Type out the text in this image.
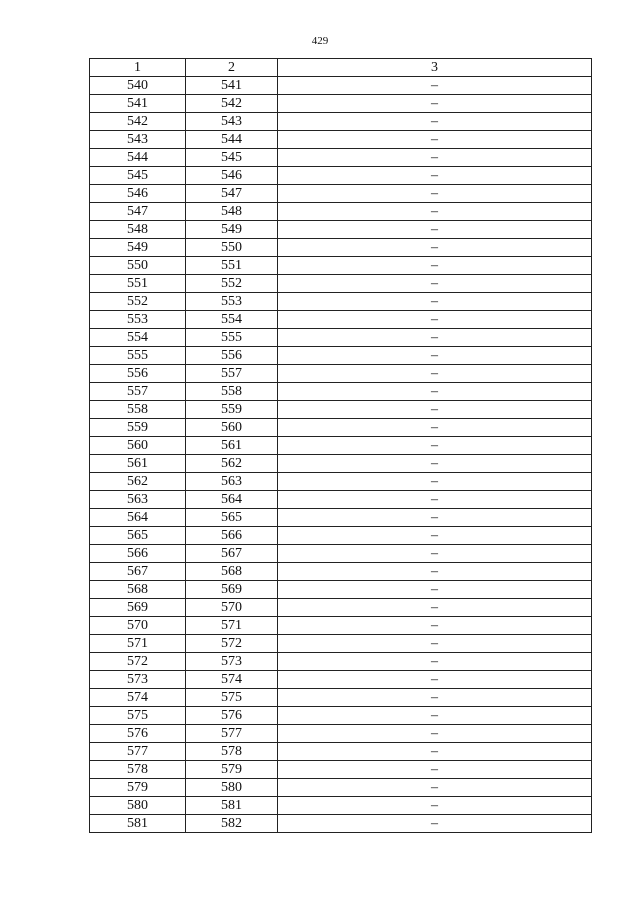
429
1	2	3
540	541	–
541	542	–
542	543	–
543	544	–
544	545	–
545	546	–
546	547	–
547	548	–
548	549	–
549	550	–
550	551	–
551	552	–
552	553	–
553	554	–
554	555	–
555	556	–
556	557	–
557	558	–
558	559	–
559	560	–
560	561	–
561	562	–
562	563	–
563	564	–
564	565	–
565	566	–
566	567	–
567	568	–
568	569	–
569	570	–
570	571	–
571	572	–
572	573	–
573	574	–
574	575	–
575	576	–
576	577	–
577	578	–
578	579	–
579	580	–
580	581	–
581	582	–
